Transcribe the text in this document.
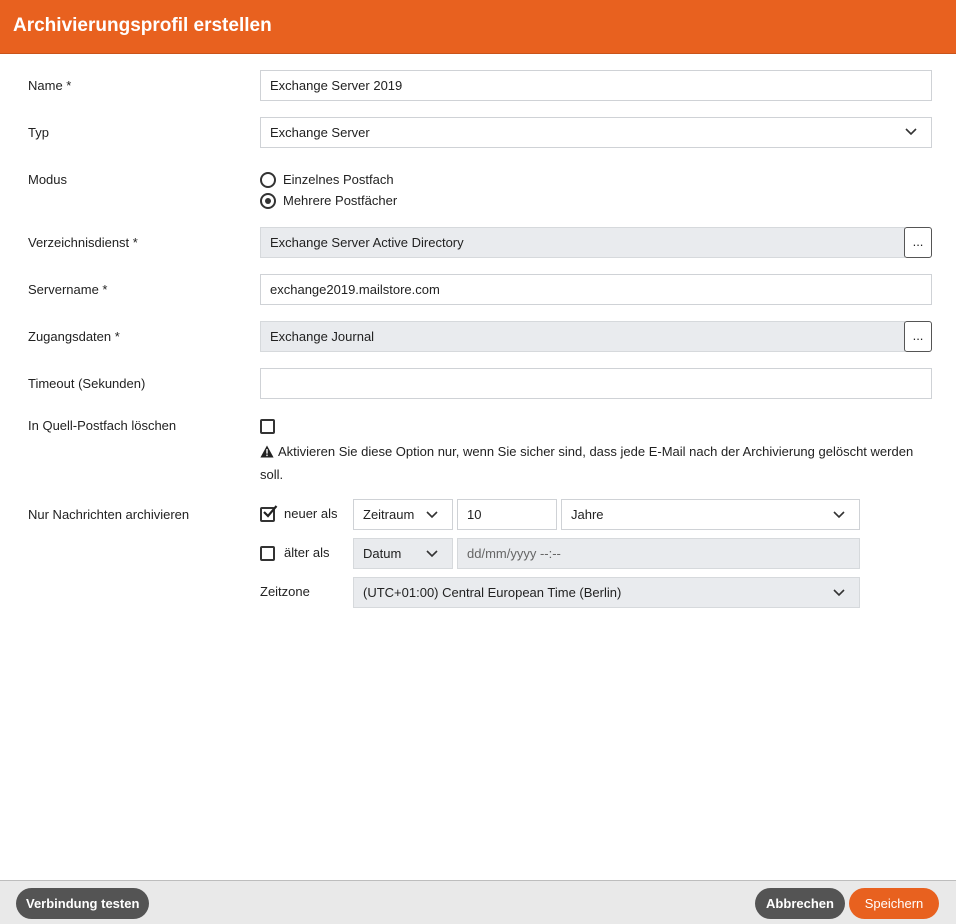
Archivierungsprofil erstellen
Name *	Exchange Server 2019
Typ	Exchange Server
Modus	Einzelnes Postfach
Mehrere Postfächer
Verzeichnisdienst *	Exchange Server Active Directory	...
Servername *	exchange2019.mailstore.com
Zugangsdaten *	Exchange Journal	...
Timeout (Sekunden)
In Quell-Postfach löschen
Aktivieren Sie diese Option nur, wenn Sie sicher sind, dass jede E-Mail nach der Archivierung gelöscht werden soll.
Nur Nachrichten archivieren	neuer als	Zeitraum	10	Jahre
älter als	Datum	dd/mm/yyyy --:--
Zeitzone	(UTC+01:00) Central European Time (Berlin)
Verbindung testen	Abbrechen	Speichern
